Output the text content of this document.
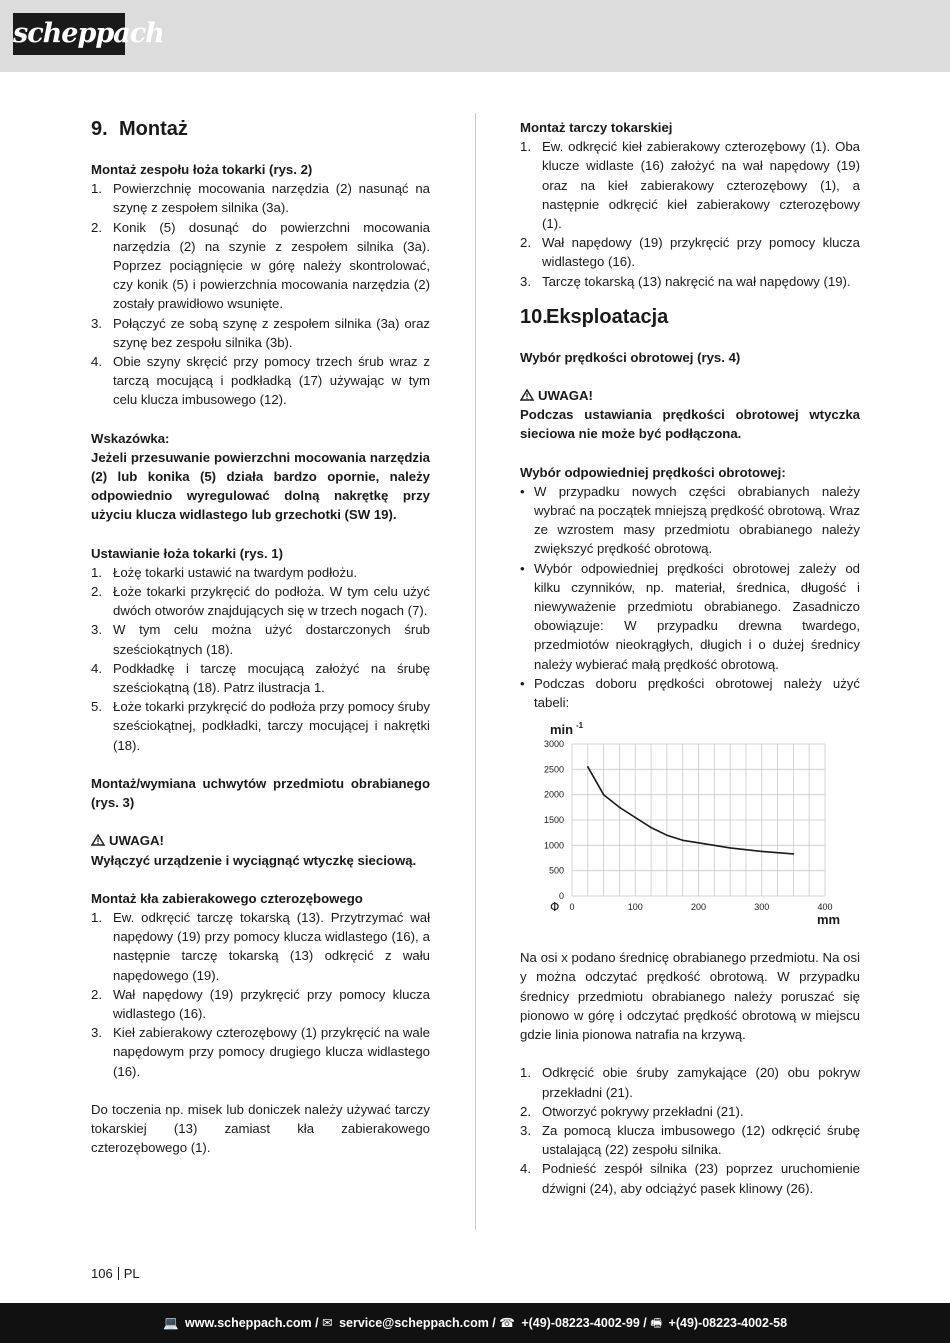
scheppach
9. Montaż

Montaż zespołu łoża tokarki (rys. 2)

1. Powierzchnię mocowania narzędzia (2) nasunąć na szynę z zespołem silnika (3a).
2. Konik (5) dosunąć do powierzchni mocowania narzędzia (2) na szynie z zespołem silnika (3a). Poprzez pociągnięcie w górę należy skontrolować, czy konik (5) i powierzchnia mocowania narzędzia (2) zostały prawidłowo wsunięte.
3. Połączyć ze sobą szynę z zespołem silnika (3a) oraz szynę bez zespołu silnika (3b).
4. Obie szyny skręcić przy pomocy trzech śrub wraz z tarczą mocującą i podkładką (17) używając w tym celu klucza imbusowego (12).

Wskazówka:

Jeżeli przesuwanie powierzchni mocowania narzędzia (2) lub konika (5) działa bardzo opornie, należy odpowiednio wyregulować dolną nakrętkę przy użyciu klucza widlastego lub grzechotki (SW 19).

Ustawianie łoża tokarki (rys. 1)

1. Łożę tokarki ustawić na twardym podłożu.
2. Łoże tokarki przykręcić do podłoża. W tym celu użyć dwóch otworów znajdujących się w trzech nogach (7).
3. W tym celu można użyć dostarczonych śrub sześciokątnych (18).
4. Podkładkę i tarczę mocującą założyć na śrubę sześciokątną (18). Patrz ilustracja 1.
5. Łoże tokarki przykręcić do podłoża przy pomocy śruby sześciokątnej, podkładki, tarczy mocującej i nakrętki (18).

Montaż/wymiana uchwytów przedmiotu obrabianego (rys. 3)

UWAGA!

Wyłączyć urządzenie i wyciągnąć wtyczkę sieciową.

Montaż kła zabierakowego czterozębowego

1. Ew. odkręcić tarczę tokarską (13). Przytrzymać wał napędowy (19) przy pomocy klucza widlastego (16), a następnie tarczę tokarską (13) odkręcić z wału napędowego (19).
2. Wał napędowy (19) przykręcić przy pomocy klucza widlastego (16).
3. Kieł zabierakowy czterozębowy (1) przykręcić na wale napędowym przy pomocy drugiego klucza widlastego (16).

Do toczenia np. misek lub doniczek należy używać tarczy tokarskiej (13) zamiast kła zabierakowego czterozębowego (1).

Montaż tarczy tokarskiej

1. Ew. odkręcić kieł zabierakowy czterozębowy (1). Oba klucze widlaste (16) założyć na wał napędowy (19) oraz na kieł zabierakowy czterozębowy (1), a następnie odkręcić kieł zabierakowy czterozębowy (1).
2. Wał napędowy (19) przykręcić przy pomocy klucza widlastego (16).
3. Tarczę tokarską (13) nakręcić na wał napędowy (19).
10.Eksploatacja

Wybór prędkości obrotowej (rys. 4)

UWAGA!

Podczas ustawiania prędkości obrotowej wtyczka sieciowa nie może być podłączona.

Wybór odpowiedniej prędkości obrotowej:

• W przypadku nowych części obrabianych należy wybrać na początek mniejszą prędkość obrotową. Wraz ze wzrostem masy przedmiotu obrabianego należy zwiększyć prędkość obrotową.
• Wybór odpowiedniej prędkości obrotowej zależy od kilku czynników, np. materiał, średnica, długość i niewyważenie przedmiotu obrabianego. Zasadniczo obowiązuje: W przypadku drewna twardego, przedmiotów nieokrągłych, długich i o dużej średnicy należy wybierać małą prędkość obrotową.
• Podczas doboru prędkości obrotowej należy użyć tabeli:
0
500
1000
1500
2000
2500
3000
0	100	200	300	400
min -1
Φ
mm

Na osi x podano średnicę obrabianego przedmiotu. Na osi y można odczytać prędkość obrotową. W przypadku średnicy przedmiotu obrabianego należy poruszać się pionowo w górę i odczytać prędkość obrotową w miejscu gdzie linia pionowa natrafia na krzywą.

1. Odkręcić obie śruby zamykające (20) obu pokryw przekładni (21).
2. Otworzyć pokrywy przekładni (21).
3. Za pomocą klucza imbusowego (12) odkręcić śrubę ustalającą (22) zespołu silnika.
4. Podnieść zespół silnika (23) poprzez uruchomienie dźwigni (24), aby odciążyć pasek klinowy (26).
106 PL
💻 www.scheppach.com / ✉ service@scheppach.com / ☎ +(49)-08223-4002-99 / 🖷 +(49)-08223-4002-58
